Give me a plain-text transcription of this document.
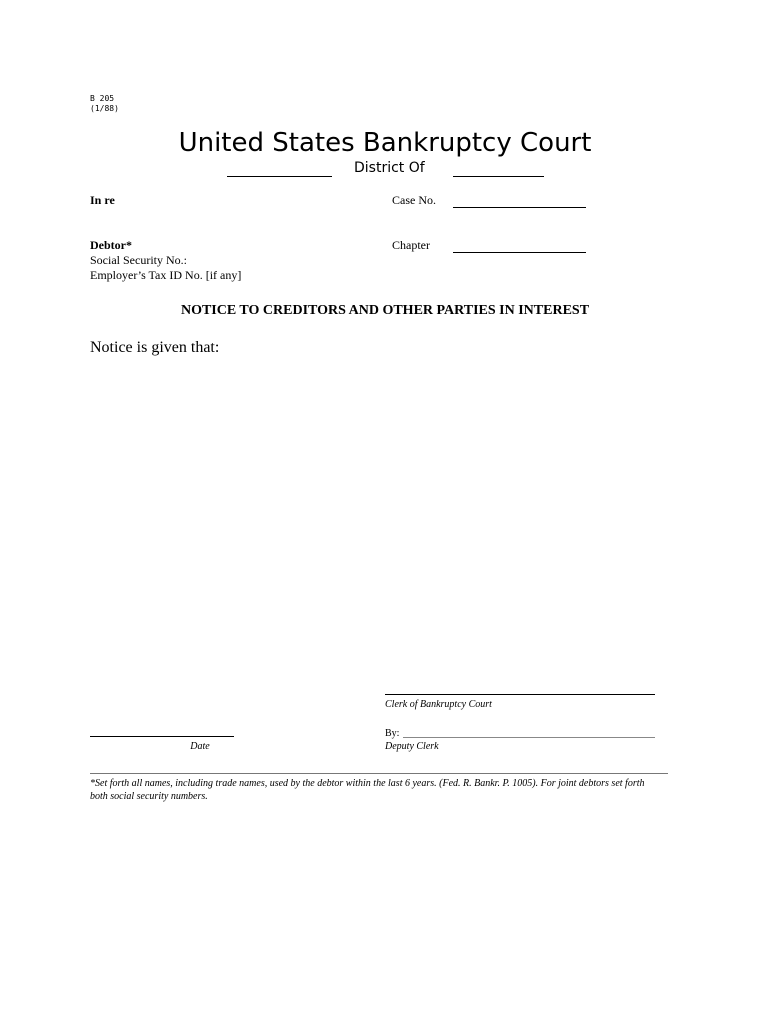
B 205
(1/88)
United States Bankruptcy Court
District Of
In re	Case No.
Debtor*	Chapter
Social Security No.:
Employer’s Tax ID No. [if any]
NOTICE TO CREDITORS AND OTHER PARTIES IN INTEREST
Notice is given that:
Clerk of Bankruptcy Court
By:
Deputy Clerk
Date
*Set forth all names, including trade names, used by the debtor within the last 6 years. (Fed. R. Bankr. P. 1005). For joint debtors set forth both social security numbers.
